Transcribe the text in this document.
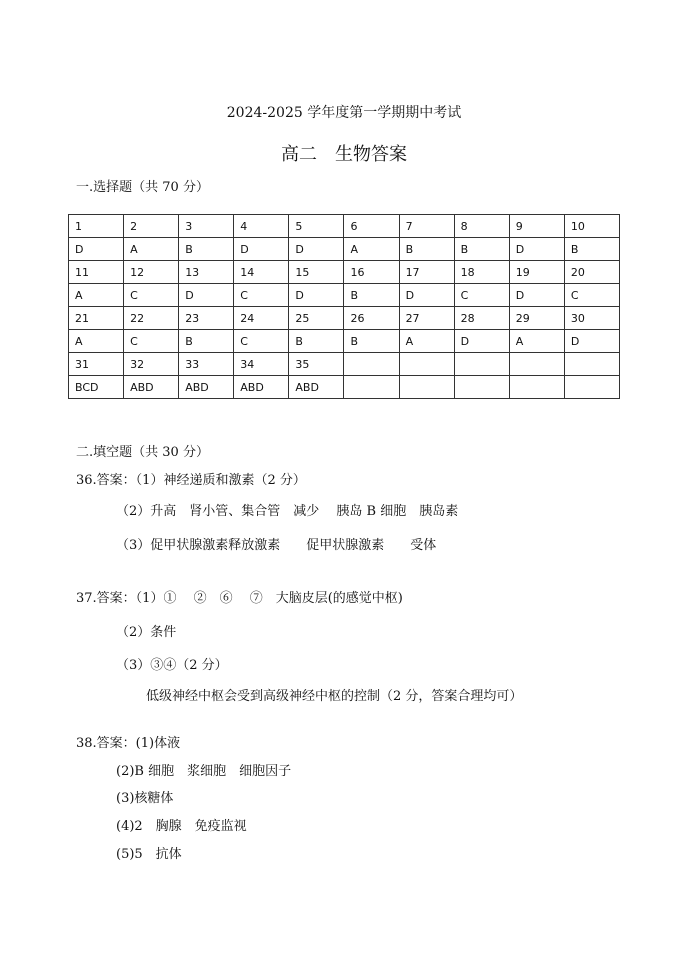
2024-2025 学年度第一学期期中考试
高二　生物答案
一.选择题（共 70 分）
1	2	3	4	5	6	7	8	9	10
D	A	B	D	D	A	B	B	D	B
11	12	13	14	15	16	17	18	19	20
A	C	D	C	D	B	D	C	D	C
21	22	23	24	25	26	27	28	29	30
A	C	B	C	B	B	A	D	A	D
31	32	33	34	35					
BCD	ABD	ABD	ABD	ABD					
二.填空题（共 30 分）
36.答案：（1）神经递质和激素（2 分）
（2）升高　肾小管、集合管　减少　 胰岛 B 细胞　胰岛素
（3）促甲状腺激素释放激素　　促甲状腺激素　　受体
37.答案：（1）①　 ②　⑥　 ⑦　大脑皮层(的感觉中枢)
（2）条件
（3）③④（2 分）
低级神经中枢会受到高级神经中枢的控制（2 分，答案合理均可）
38.答案：(1)体液
(2)B 细胞　浆细胞　细胞因子
(3)核糖体
(4)2　胸腺　免疫监视
(5)5　抗体
